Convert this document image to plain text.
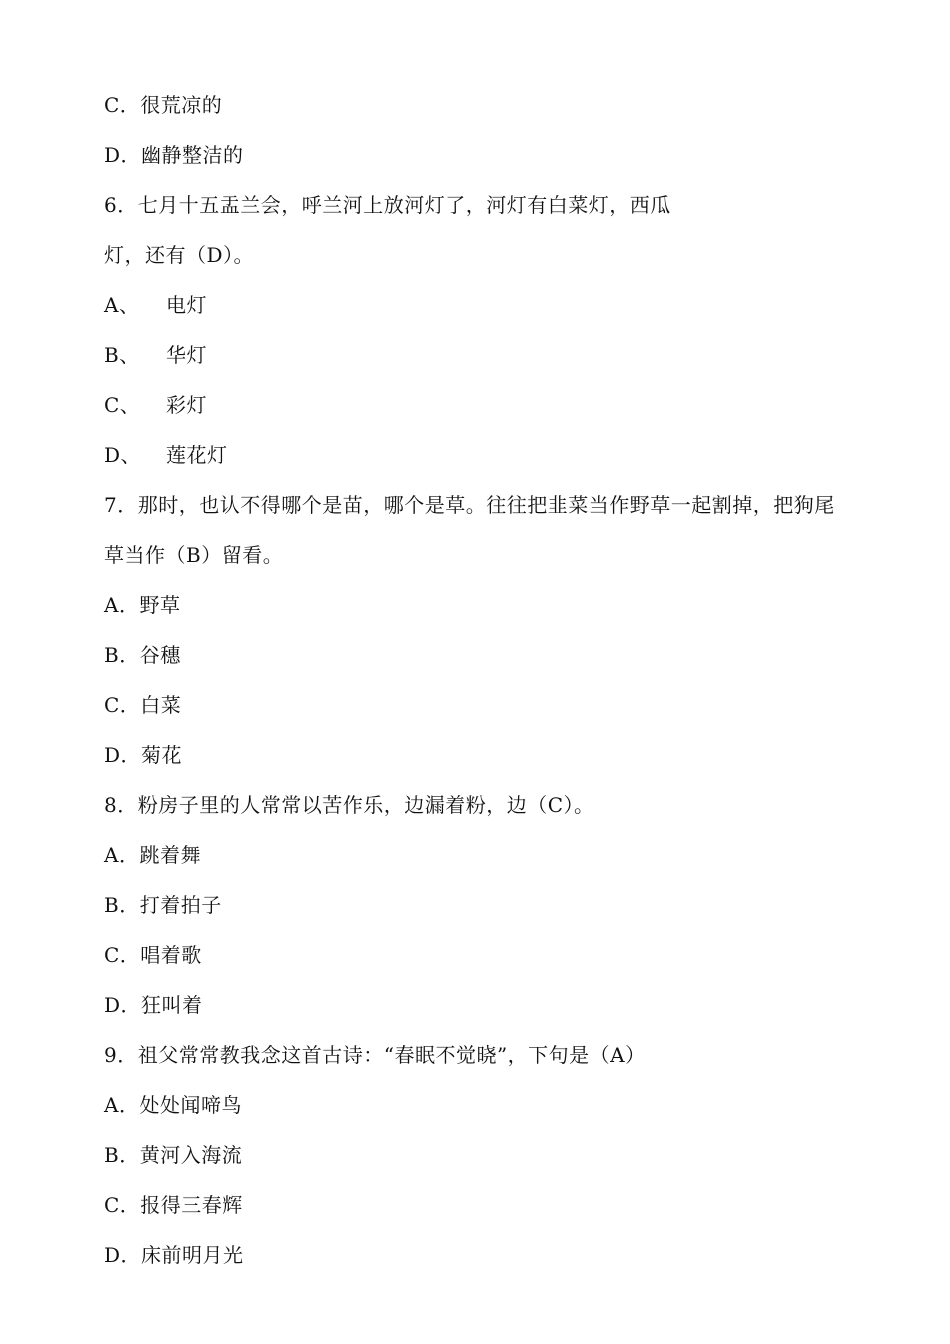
C．很荒凉的
D．幽静整洁的
6．七月十五盂兰会，呼兰河上放河灯了，河灯有白菜灯，西瓜
灯，还有（D）。
A、 电灯
B、 华灯
C、 彩灯
D、 莲花灯
7．那时，也认不得哪个是苗，哪个是草。往往把韭菜当作野草一起割掉，把狗尾
草当作（B）留看。
A．野草
B．谷穗
C．白菜
D．菊花
8．粉房子里的人常常以苦作乐，边漏着粉，边（C）。
A．跳着舞
B．打着拍子
C．唱着歌
D．狂叫着
9．祖父常常教我念这首古诗：“春眠不觉晓”，下句是（A）
A．处处闻啼鸟
B．黄河入海流
C．报得三春辉
D．床前明月光
